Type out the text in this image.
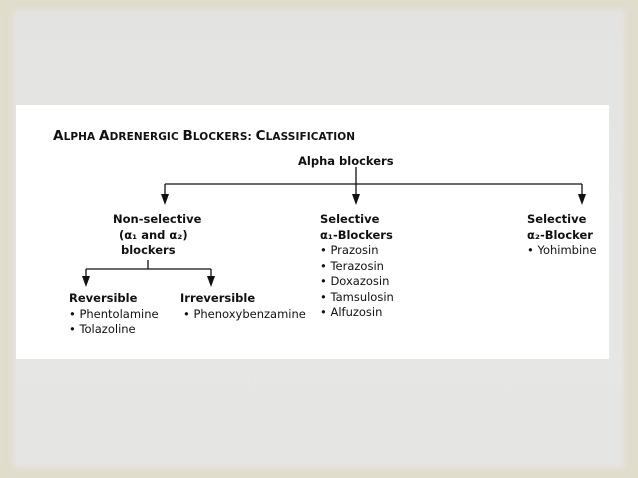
ALPHA ADRENERGIC BLOCKERS: CLASSIFICATION
Alpha blockers
Non-selective
(α₁ and α₂)
blockers
Reversible
• Phentolamine
• Tolazoline
Irreversible
• Phenoxybenzamine
Selective
α₁-Blockers
• Prazosin
• Terazosin
• Doxazosin
• Tamsulosin
• Alfuzosin
Selective
α₂-Blocker
• Yohimbine
